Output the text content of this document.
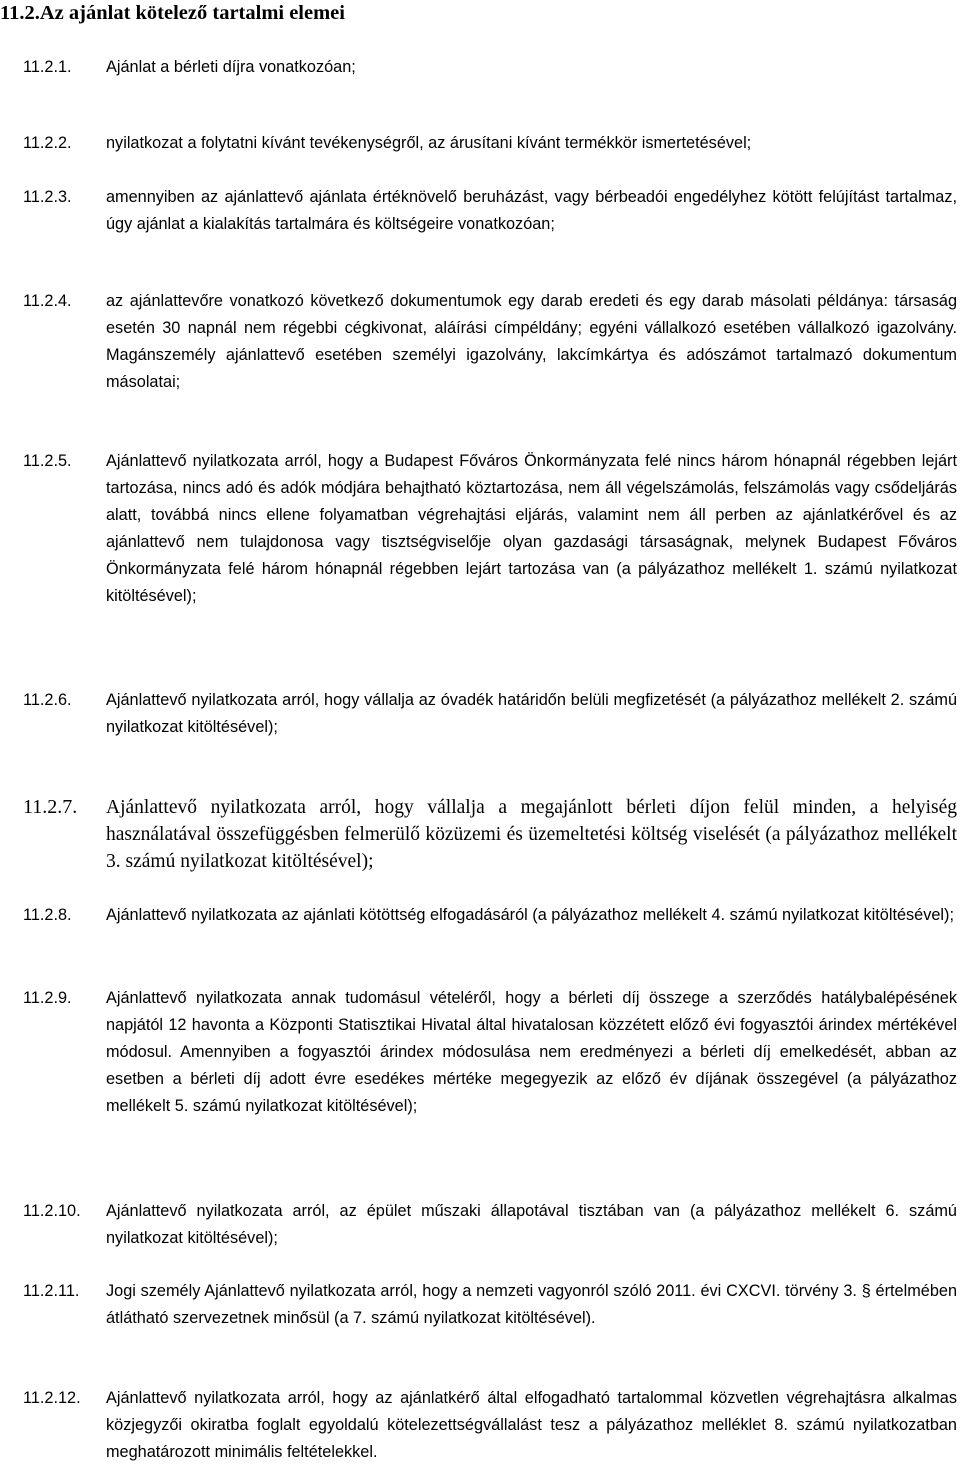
11.2.Az ajánlat kötelező tartalmi elemei
11.2.1. Ajánlat a bérleti díjra vonatkozóan;
11.2.2. nyilatkozat a folytatni kívánt tevékenységről, az árusítani kívánt termékkör ismertetésével;
11.2.3. amennyiben az ajánlattevő ajánlata értéknövelő beruházást, vagy bérbeadói engedélyhez kötött felújítást tartalmaz, úgy ajánlat a kialakítás tartalmára és költségeire vonatkozóan;
11.2.4. az ajánlattevőre vonatkozó következő dokumentumok egy darab eredeti és egy darab másolati példánya: társaság esetén 30 napnál nem régebbi cégkivonat, aláírási címpéldány; egyéni vállalkozó esetében vállalkozó igazolvány. Magánszemély ajánlattevő esetében személyi igazolvány, lakcímkártya és adószámot tartalmazó dokumentum másolatai;
11.2.5. Ajánlattevő nyilatkozata arról, hogy a Budapest Főváros Önkormányzata felé nincs három hónapnál régebben lejárt tartozása, nincs adó és adók módjára behajtható köztartozása, nem áll végelszámolás, felszámolás vagy csődeljárás alatt, továbbá nincs ellene folyamatban végrehajtási eljárás, valamint nem áll perben az ajánlatkérővel és az ajánlattevő nem tulajdonosa vagy tisztségviselője olyan gazdasági társaságnak, melynek Budapest Főváros Önkormányzata felé három hónapnál régebben lejárt tartozása van (a pályázathoz mellékelt 1. számú nyilatkozat kitöltésével);
11.2.6. Ajánlattevő nyilatkozata arról, hogy vállalja az óvadék határidőn belüli megfizetését (a pályázathoz mellékelt 2. számú nyilatkozat kitöltésével);
11.2.7. Ajánlattevő nyilatkozata arról, hogy vállalja a megajánlott bérleti díjon felül minden, a helyiség használatával összefüggésben felmerülő közüzemi és üzemeltetési költség viselését (a pályázathoz mellékelt 3. számú nyilatkozat kitöltésével);
11.2.8. Ajánlattevő nyilatkozata az ajánlati kötöttség elfogadásáról (a pályázathoz mellékelt 4. számú nyilatkozat kitöltésével);
11.2.9. Ajánlattevő nyilatkozata annak tudomásul vételéről, hogy a bérleti díj összege a szerződés hatálybalépésének napjától 12 havonta a Központi Statisztikai Hivatal által hivatalosan közzétett előző évi fogyasztói árindex mértékével módosul. Amennyiben a fogyasztói árindex módosulása nem eredményezi a bérleti díj emelkedését, abban az esetben a bérleti díj adott évre esedékes mértéke megegyezik az előző év díjának összegével (a pályázathoz mellékelt 5. számú nyilatkozat kitöltésével);
11.2.10. Ajánlattevő nyilatkozata arról, az épület műszaki állapotával tisztában van (a pályázathoz mellékelt 6. számú nyilatkozat kitöltésével);
11.2.11. Jogi személy Ajánlattevő nyilatkozata arról, hogy a nemzeti vagyonról szóló 2011. évi CXCVI. törvény 3. § értelmében átlátható szervezetnek minősül (a 7. számú nyilatkozat kitöltésével).
11.2.12. Ajánlattevő nyilatkozata arról, hogy az ajánlatkérő által elfogadható tartalommal közvetlen végrehajtásra alkalmas közjegyzői okiratba foglalt egyoldalú kötelezettségvállalást tesz a pályázathoz melléklet 8. számú nyilatkozatban meghatározott minimális feltételekkel.
